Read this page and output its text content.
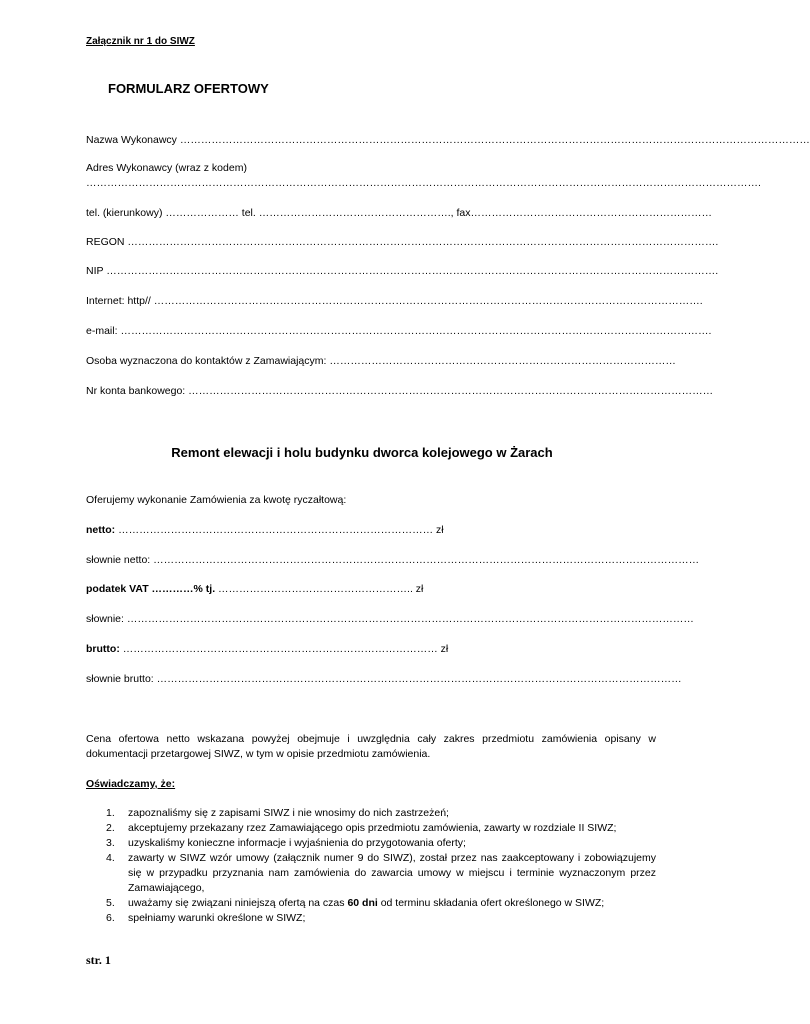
Załącznik nr 1 do SIWZ
FORMULARZ OFERTOWY
Nazwa Wykonawcy ………………………………………………………………………………………………………………………………………………………………
Adres Wykonawcy (wraz z kodem)
………………………………………………………………………………………………………………………………………………………………………….
tel. (kierunkowy) ………………… tel. ………………………………………………., fax……………………………………………………………
REGON …………………………………………………………………………………………………………………………………………………….
NIP ………………………………………………………………………………………………………………………………………………………….
Internet: http// ………………………………………………………………………………………………………………………………………….
e-mail: …………………………………………………………………………………………………………………………………………………….
Osoba wyznaczona do kontaktów z Zamawiającym: ………………………………………………………………………………………
Nr konta bankowego: ……………………………………………………………………………………………………………………………………
Remont elewacji i holu budynku dworca kolejowego w Żarach
Oferujemy wykonanie Zamówienia za kwotę ryczałtową:
netto: ……………………………………………………………………………… zł
słownie netto: …………………………………………………………………………………………………………………………………………
podatek VAT …………% tj. ……………………………………………….. zł
słownie: ………………………………………………………………………………………………………………………………………………
brutto: ……………………………………………………………………………… zł
słownie brutto: ……………………………………………………………………………………………………………………………………
Cena ofertowa netto wskazana powyżej obejmuje i uwzględnia cały zakres przedmiotu zamówienia opisany w dokumentacji przetargowej SIWZ, w tym w opisie przedmiotu zamówienia.
Oświadczamy, że:
1. zapoznaliśmy się z zapisami SIWZ i nie wnosimy do nich zastrzeżeń;
2. akceptujemy przekazany rzez Zamawiającego opis przedmiotu zamówienia, zawarty w rozdziale II SIWZ;
3. uzyskaliśmy konieczne informacje i wyjaśnienia do przygotowania oferty;
4. zawarty w SIWZ wzór umowy (załącznik numer 9 do SIWZ), został przez nas zaakceptowany i zobowiązujemy się w przypadku przyznania nam zamówienia do zawarcia umowy w miejscu i terminie wyznaczonym przez Zamawiającego,
5. uważamy się związani niniejszą ofertą na czas 60 dni od terminu składania ofert określonego w SIWZ;
6. spełniamy warunki określone w SIWZ;
str. 1
